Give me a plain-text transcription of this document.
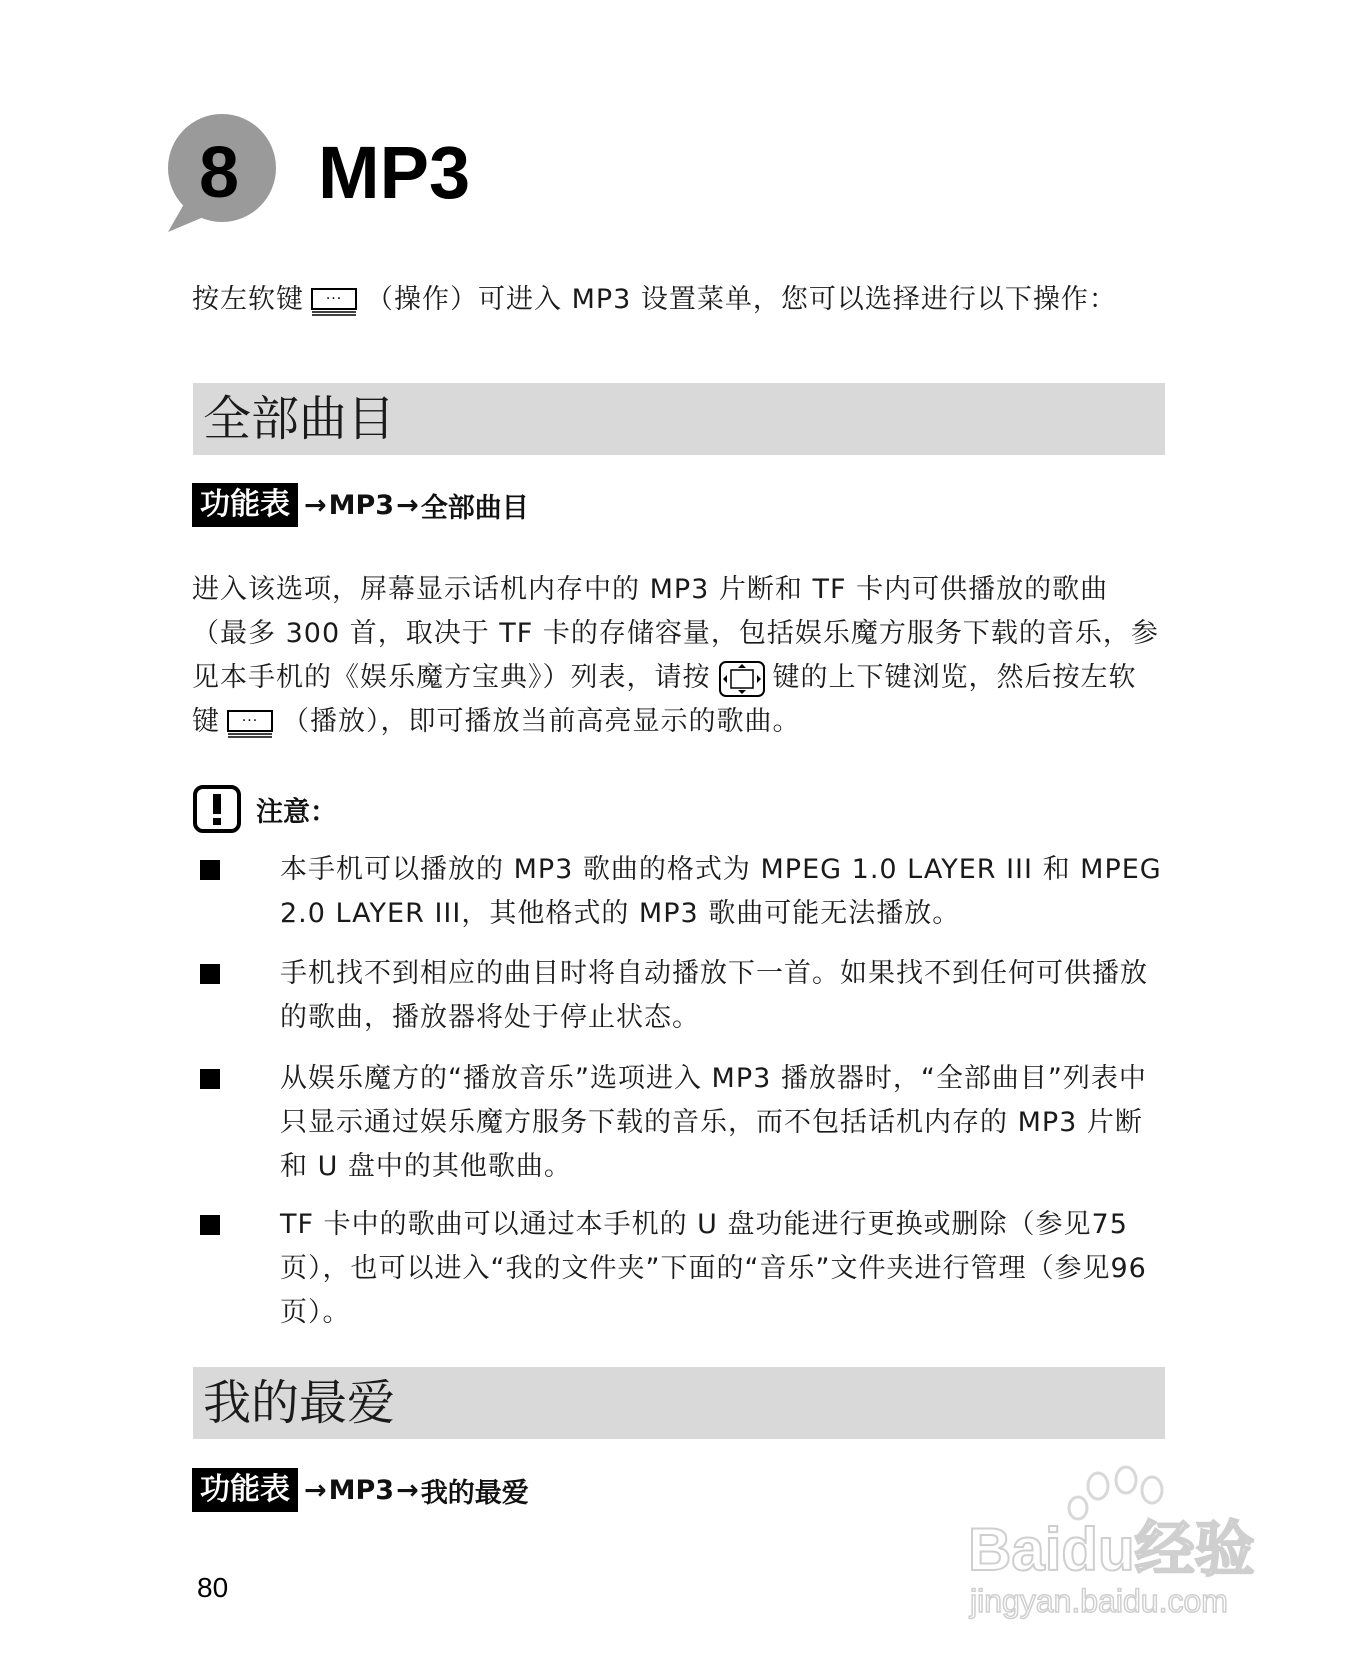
8	MP3
按左软键 ··· （操作）可进入 MP3 设置菜单，您可以选择进行以下操作：
全部曲目
功能表 → MP3 → 全部曲目
进入该选项，屏幕显示话机内存中的 MP3 片断和 TF 卡内可供播放的歌曲（最多 300 首，取决于 TF 卡的存储容量，包括娱乐魔方服务下载的音乐，参见本手机的《娱乐魔方宝典》）列表，请按 键的上下键浏览，然后按左软键 ··· （播放），即可播放当前高亮显示的歌曲。
注意：
本手机可以播放的 MP3 歌曲的格式为 MPEG 1.0 LAYER III 和 MPEG 2.0 LAYER III，其他格式的 MP3 歌曲可能无法播放。
手机找不到相应的曲目时将自动播放下一首。如果找不到任何可供播放的歌曲，播放器将处于停止状态。
从娱乐魔方的“播放音乐”选项进入 MP3 播放器时，“全部曲目”列表中只显示通过娱乐魔方服务下载的音乐，而不包括话机内存的 MP3 片断和 U 盘中的其他歌曲。
TF 卡中的歌曲可以通过本手机的 U 盘功能进行更换或删除（参见75页），也可以进入“我的文件夹”下面的“音乐”文件夹进行管理（参见96页）。
我的最爱
功能表 → MP3 → 我的最爱
80
Baidu经验
jingyan.baidu.com
